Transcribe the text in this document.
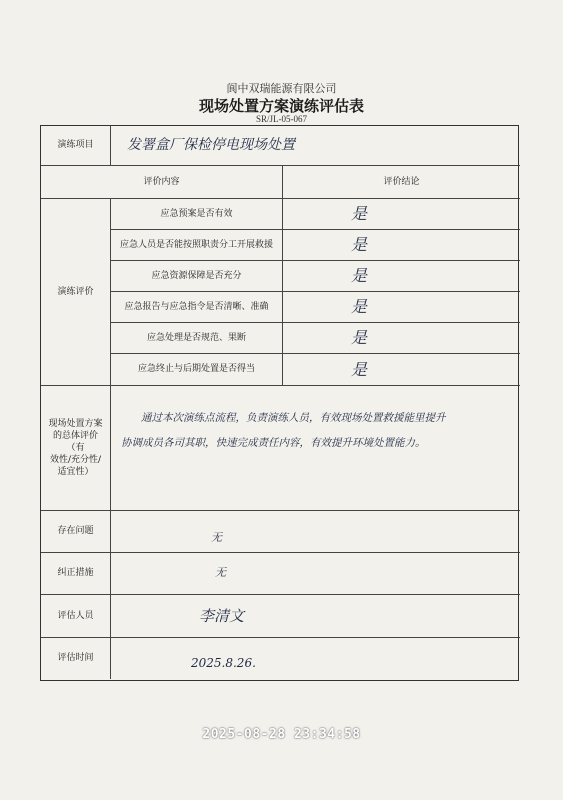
阆中双瑞能源有限公司
现场处置方案演练评估表
SR/JL-05-067
演练项目	发署盒厂保检停电现场处置
评价内容	评价结论
演练评价
应急预案是否有效	是
应急人员是否能按照职责分工开展救援	是
应急资源保障是否充分	是
应急报告与应急指令是否清晰、准确	是
应急处理是否规范、果断	是
应急终止与后期处置是否得当	是
现场处置方案
的总体评价
（有
效性/充分性/
适宜性）
通过本次演练点流程，负责演练人员，有效现场处置救援能里提升
协调成员各司其职，快速完成责任内容，有效提升环境处置能力。
存在问题	无
纠正措施	无
评估人员	李清文
评估时间	2025.8.26.
2025-08-28 23:34:58
